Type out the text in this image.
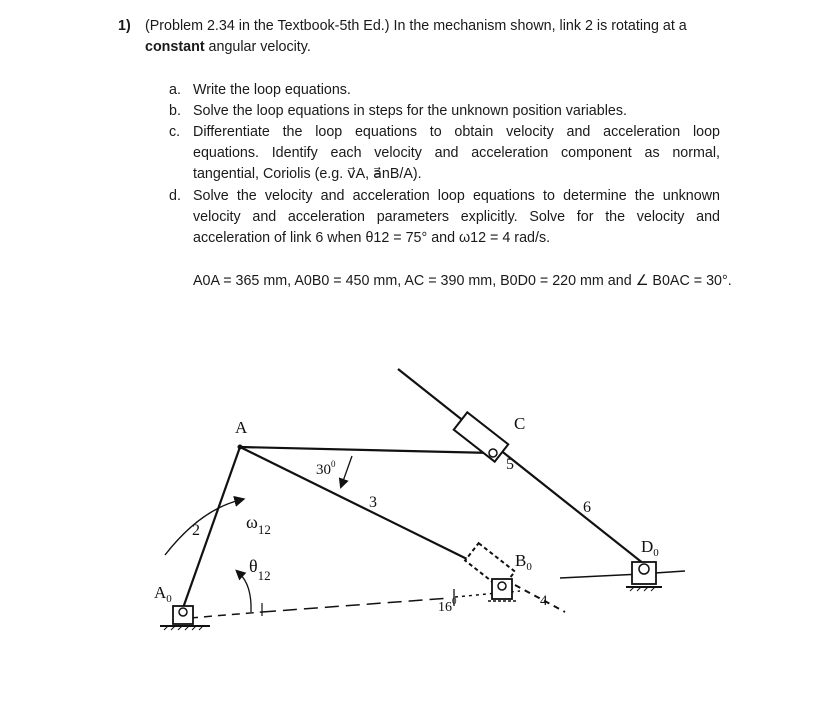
1) (Problem 2.34 in the Textbook-5th Ed.) In the mechanism shown, link 2 is rotating at a
constant angular velocity.
a. Write the loop equations.
b. Solve the loop equations in steps for the unknown position variables.
c. Differentiate the loop equations to obtain velocity and acceleration loop
equations. Identify each velocity and acceleration component as normal,
tangential, Coriolis (e.g. v⃗A, a⃗nB/A).
d. Solve the velocity and acceleration loop equations to determine the unknown
velocity and acceleration parameters explicitly. Solve for the velocity and
acceleration of link 6 when θ12 = 75° and ω12 = 4 rad/s.
A0A = 365 mm, A0B0 = 450 mm, AC = 390 mm, B0D0 = 220 mm and ∠ B0AC = 30°.
A	C
$A_0$
$B_0$
$D_0$
2
3
4
5
6
$30^0$
$16^0$
$\omega_{12}$
$\theta_{12}$
